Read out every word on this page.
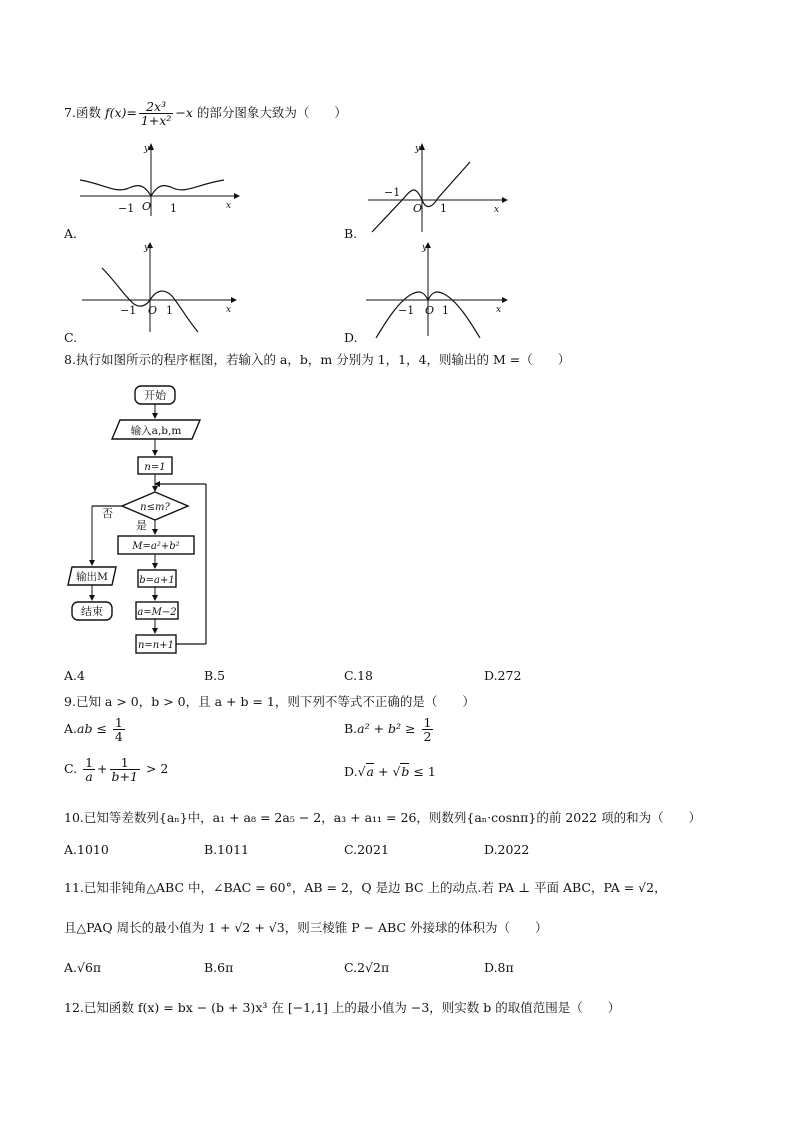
7.函数 $f(x)= \frac{\text{2x³}}{\text{1+x²}} -x$ 的部分图象大致为（　　）
y
x
O
−1	1
A.
y
x
O
−1
1
B.
y
x
O
−1	1
C.
y
x
O
−1	1
D.
8.执行如图所示的程序框图，若输入的 a，b，m 分别为 1，1，4，则输出的 M =（　　）
开始
输入a,b,m
n=1
n≤m?
否
是
M=a²+b²
b=a+1
a=M−2
n=n+1
输出M
结束
A.4	B.5	C.18	D.272
9.已知 a > 0，b > 0，且 a + b = 1，则下列不等式不正确的是（　　）
$A.ab \le \frac{1}{4}$	$B.a^2 + b^2 \ge \frac{1}{2}$
C. $\frac{1}{a} + \frac{1}{b+1} > 2$	D.√a + √b ≤ 1
10.已知等差数列{aₙ}中，a₁ + a₈ = 2a₅ − 2，a₃ + a₁₁ = 26，则数列{aₙ·cosnπ}的前 2022 项的和为（　　）
A.1010	B.1011	C.2021	D.2022
11.已知非钝角△ABC 中，∠BAC = 60°，AB = 2，Q 是边 BC 上的动点.若 PA ⊥ 平面 ABC，PA = √2，
且△PAQ 周长的最小值为 1 + √2 + √3，则三棱锥 P − ABC 外接球的体积为（　　）
A.√6π	B.6π	C.2√2π	D.8π
12.已知函数 f(x) = bx − (b + 3)x³ 在 [−1,1] 上的最小值为 −3，则实数 b 的取值范围是（　　）
